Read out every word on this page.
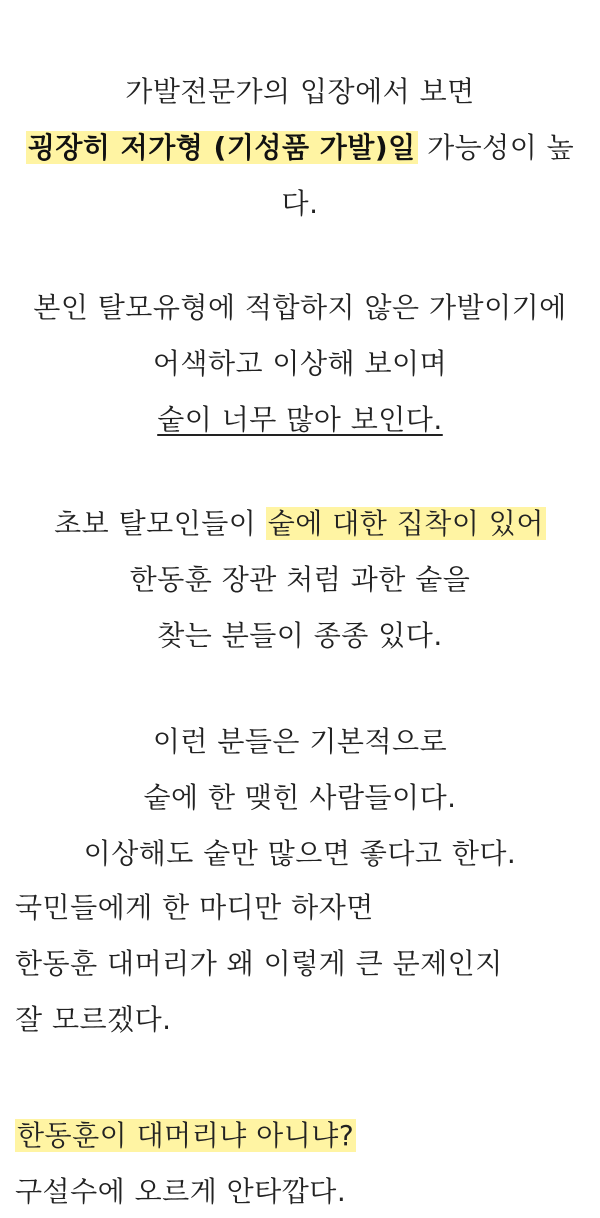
가발전문가의 입장에서 보면
굉장히 저가형 (기성품 가발)일 가능성이 높
다.
본인 탈모유형에 적합하지 않은 가발이기에
어색하고 이상해 보이며
숱이 너무 많아 보인다.
초보 탈모인들이 숱에 대한 집착이 있어
한동훈 장관 처럼 과한 숱을
찾는 분들이 종종 있다.
이런 분들은 기본적으로
숱에 한 맺힌 사람들이다.
이상해도 숱만 많으면 좋다고 한다.
국민들에게 한 마디만 하자면
한동훈 대머리가 왜 이렇게 큰 문제인지
잘 모르겠다.
한동훈이 대머리냐 아니냐?
구설수에 오르게 안타깝다.
